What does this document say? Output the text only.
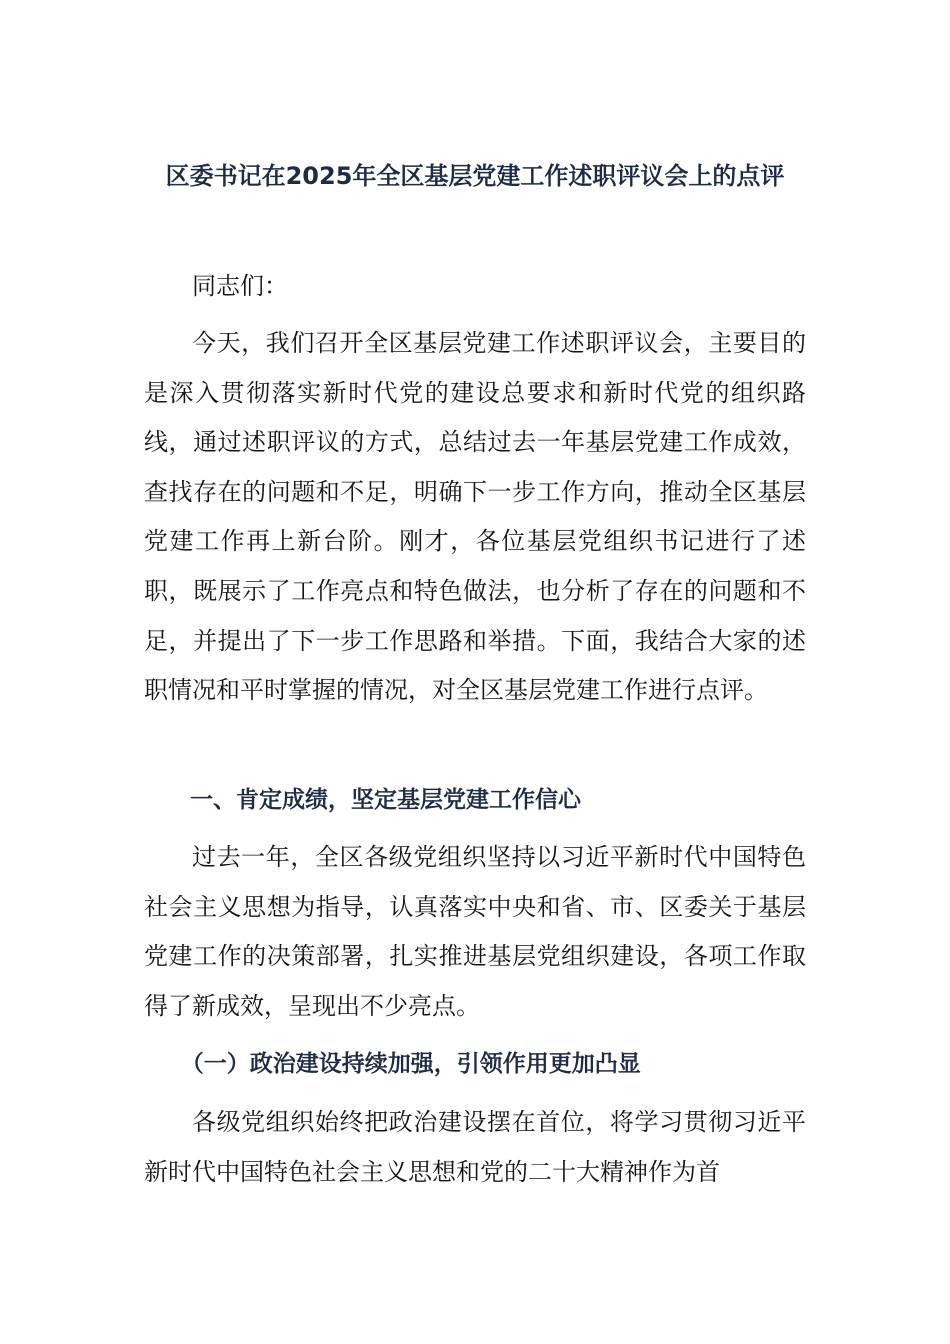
区委书记在2025年全区基层党建工作述职评议会上的点评

同志们：

今天，我们召开全区基层党建工作述职评议会，主要目的是深入贯彻落实新时代党的建设总要求和新时代党的组织路线，通过述职评议的方式，总结过去一年基层党建工作成效，查找存在的问题和不足，明确下一步工作方向，推动全区基层党建工作再上新台阶。刚才，各位基层党组织书记进行了述职，既展示了工作亮点和特色做法，也分析了存在的问题和不足，并提出了下一步工作思路和举措。下面，我结合大家的述职情况和平时掌握的情况，对全区基层党建工作进行点评。

一、肯定成绩，坚定基层党建工作信心

过去一年，全区各级党组织坚持以习近平新时代中国特色社会主义思想为指导，认真落实中央和省、市、区委关于基层党建工作的决策部署，扎实推进基层党组织建设，各项工作取得了新成效，呈现出不少亮点。

（一）政治建设持续加强，引领作用更加凸显

各级党组织始终把政治建设摆在首位，将学习贯彻习近平新时代中国特色社会主义思想和党的二十大精神作为首
